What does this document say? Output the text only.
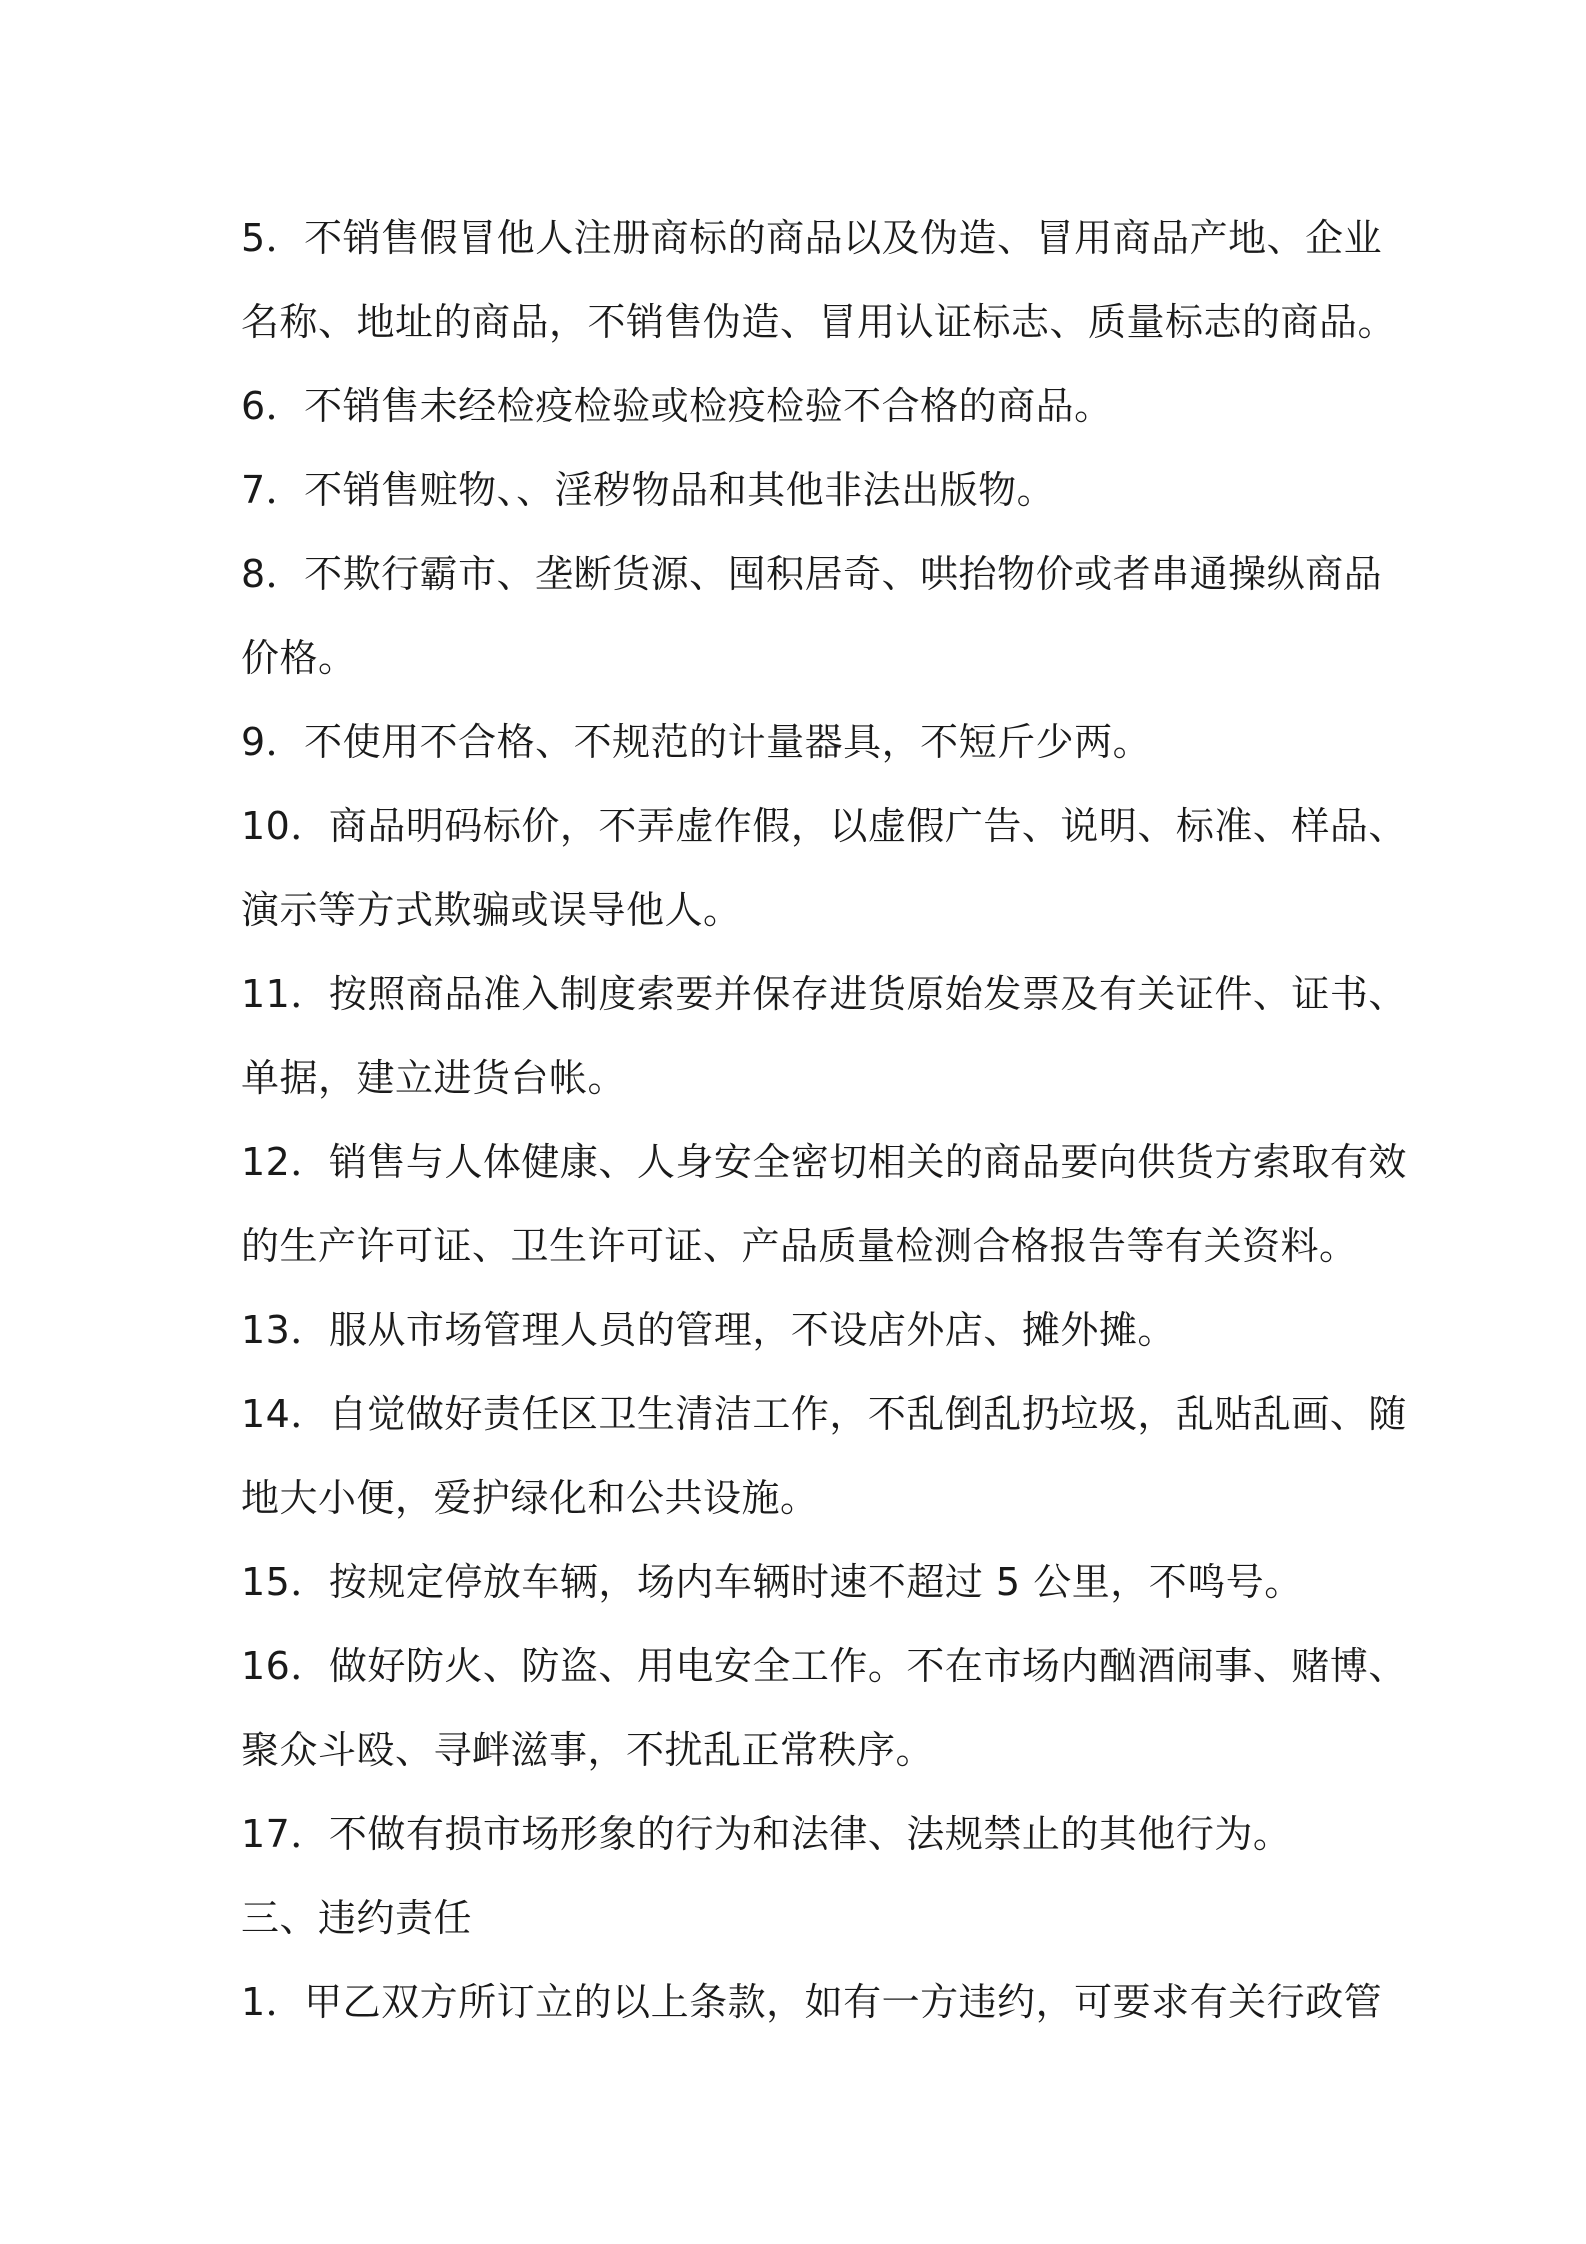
5．不销售假冒他人注册商标的商品以及伪造、冒用商品产地、企业
名称、地址的商品，不销售伪造、冒用认证标志、质量标志的商品。
6．不销售未经检疫检验或检疫检验不合格的商品。
7．不销售赃物、、淫秽物品和其他非法出版物。
8．不欺行霸市、垄断货源、囤积居奇、哄抬物价或者串通操纵商品
价格。
9．不使用不合格、不规范的计量器具，不短斤少两。
10．商品明码标价，不弄虚作假，以虚假广告、说明、标准、样品、
演示等方式欺骗或误导他人。
11．按照商品准入制度索要并保存进货原始发票及有关证件、证书、
单据，建立进货台帐。
12．销售与人体健康、人身安全密切相关的商品要向供货方索取有效
的生产许可证、卫生许可证、产品质量检测合格报告等有关资料。
13．服从市场管理人员的管理，不设店外店、摊外摊。
14．自觉做好责任区卫生清洁工作，不乱倒乱扔垃圾，乱贴乱画、随
地大小便，爱护绿化和公共设施。
15．按规定停放车辆，场内车辆时速不超过 5 公里，不鸣号。
16．做好防火、防盗、用电安全工作。不在市场内酗酒闹事、赌博、
聚众斗殴、寻衅滋事，不扰乱正常秩序。
17．不做有损市场形象的行为和法律、法规禁止的其他行为。
三、违约责任
1．甲乙双方所订立的以上条款，如有一方违约，可要求有关行政管
